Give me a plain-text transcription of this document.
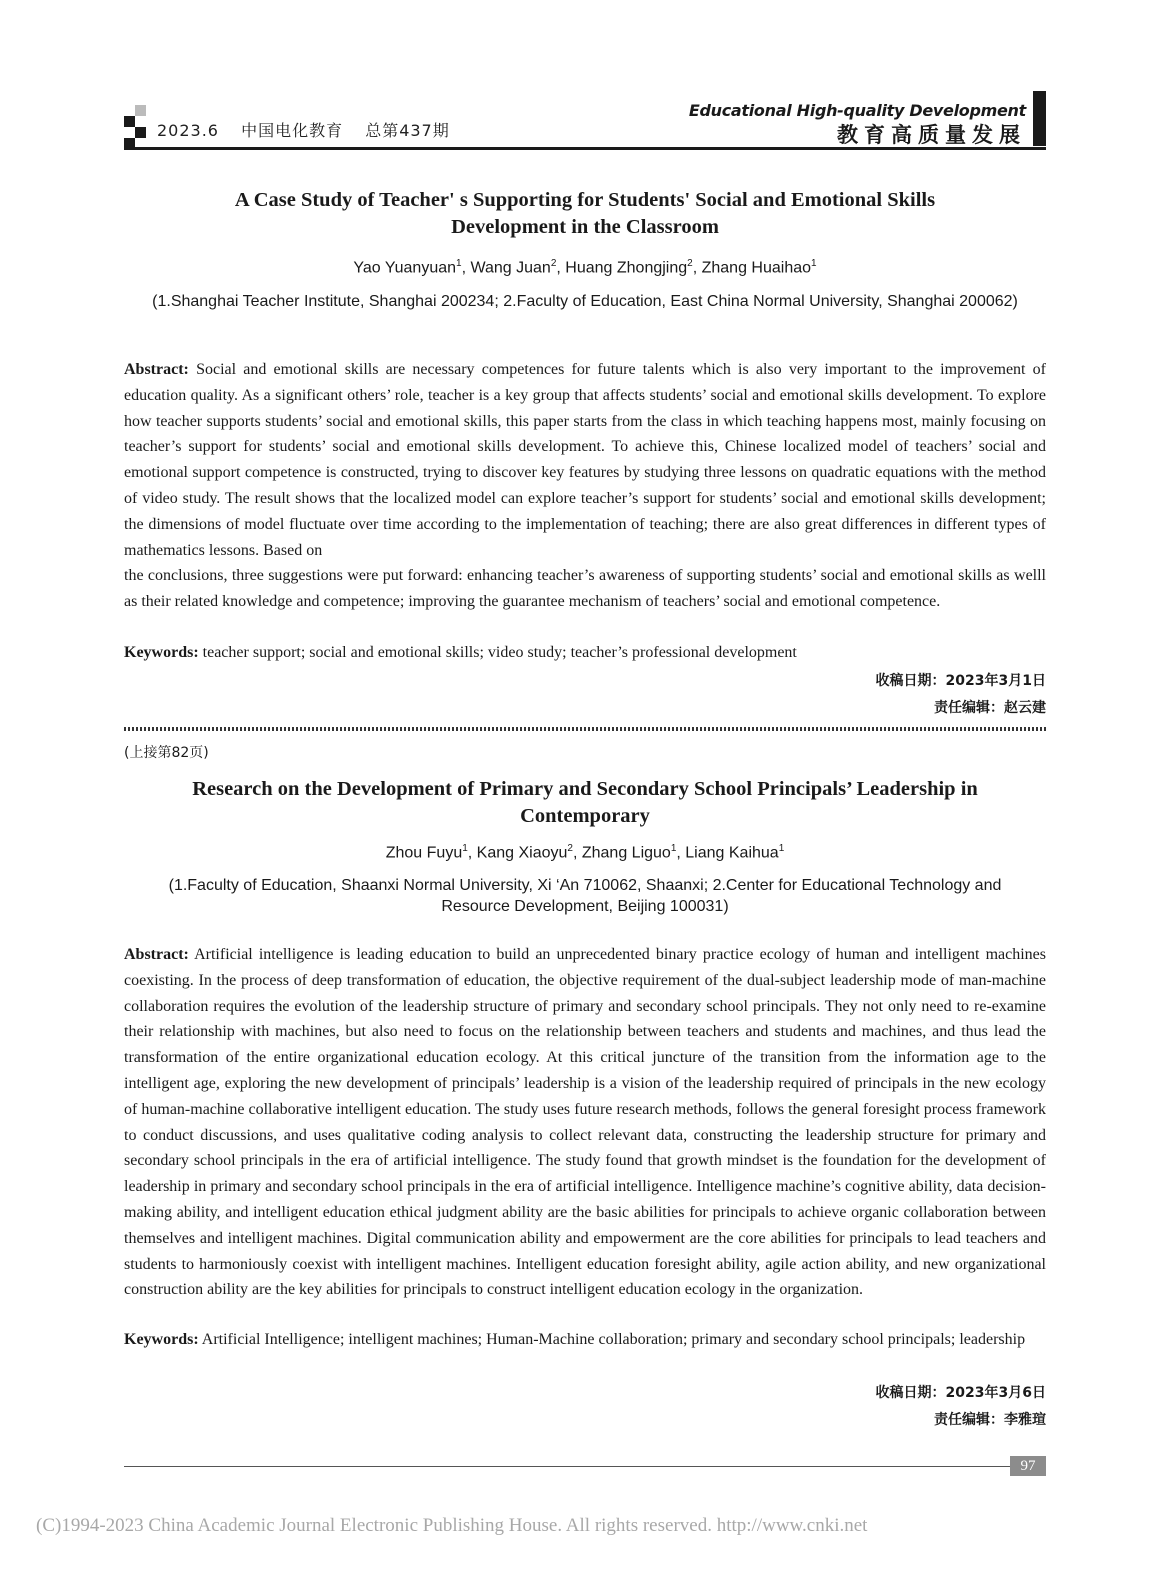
2023.6 中国电化教育 总第437期
Educational High-quality Development
教育高质量发展
A Case Study of Teacher' s Supporting for Students' Social and Emotional Skills
Development in the Classroom
Yao Yuanyuan$^1$, Wang Juan$^2$, Huang Zhongjing$^2$, Zhang Huaihao$^1$
(1.Shanghai Teacher Institute, Shanghai 200234; 2.Faculty of Education, East China Normal University, Shanghai 200062)

Abstract: Social and emotional skills are necessary competences for future talents which is also very important to the improvement of education quality. As a significant others’ role, teacher is a key group that affects students’ social and emotional skills development. To explore how teacher supports students’ social and emotional skills, this paper starts from the class in which teaching happens most, mainly focusing on teacher’s support for students’ social and emotional skills development. To achieve this, Chinese localized model of teachers’ social and emotional support competence is constructed, trying to discover key features by studying three lessons on quadratic equations with the method of video study. The result shows that the localized model can explore teacher’s support for students’ social and emotional skills development; the dimensions of model fluctuate over time according to the implementation of teaching; there are also great differences in different types of mathematics lessons. Based on

the conclusions, three suggestions were put forward: enhancing teacher’s awareness of supporting students’ social and emotional skills as welll as their related knowledge and competence; improving the guarantee mechanism of teachers’ social and emotional competence.

Keywords: teacher support; social and emotional skills; video study; teacher’s professional development

收稿日期：2023年3月1日
责任编辑：赵云建
(上接第82页)
Research on the Development of Primary and Secondary School Principals’ Leadership in
Contemporary
Zhou Fuyu$^1$, Kang Xiaoyu$^2$, Zhang Liguo$^1$, Liang Kaihua$^1$
(1.Faculty of Education, Shaanxi Normal University, Xi ‘An 710062, Shaanxi; 2.Center for Educational Technology and
Resource Development, Beijing 100031)

Abstract: Artificial intelligence is leading education to build an unprecedented binary practice ecology of human and intelligent machines coexisting. In the process of deep transformation of education, the objective requirement of the dual-subject leadership mode of man-machine collaboration requires the evolution of the leadership structure of primary and secondary school principals. They not only need to re-examine their relationship with machines, but also need to focus on the relationship between teachers and students and machines, and thus lead the transformation of the entire organizational education ecology. At this critical juncture of the transition from the information age to the intelligent age, exploring the new development of principals’ leadership is a vision of the leadership required of principals in the new ecology of human-machine collaborative intelligent education. The study uses future research methods, follows the general foresight process framework to conduct discussions, and uses qualitative coding analysis to collect relevant data, constructing the leadership structure for primary and secondary school principals in the era of artificial intelligence. The study found that growth mindset is the foundation for the development of leadership in primary and secondary school principals in the era of artificial intelligence. Intelligence machine’s cognitive ability, data decision-making ability, and intelligent education ethical judgment ability are the basic abilities for principals to achieve organic collaboration between themselves and intelligent machines. Digital communication ability and empowerment are the core abilities for principals to lead teachers and students to harmoniously coexist with intelligent machines. Intelligent education foresight ability, agile action ability, and new organizational construction ability are the key abilities for principals to construct intelligent education ecology in the organization.

Keywords: Artificial Intelligence; intelligent machines; Human-Machine collaboration; primary and secondary school principals; leadership

收稿日期：2023年3月6日
责任编辑：李雅瑄
97
(C)1994-2023 China Academic Journal Electronic Publishing House. All rights reserved. http://www.cnki.net
